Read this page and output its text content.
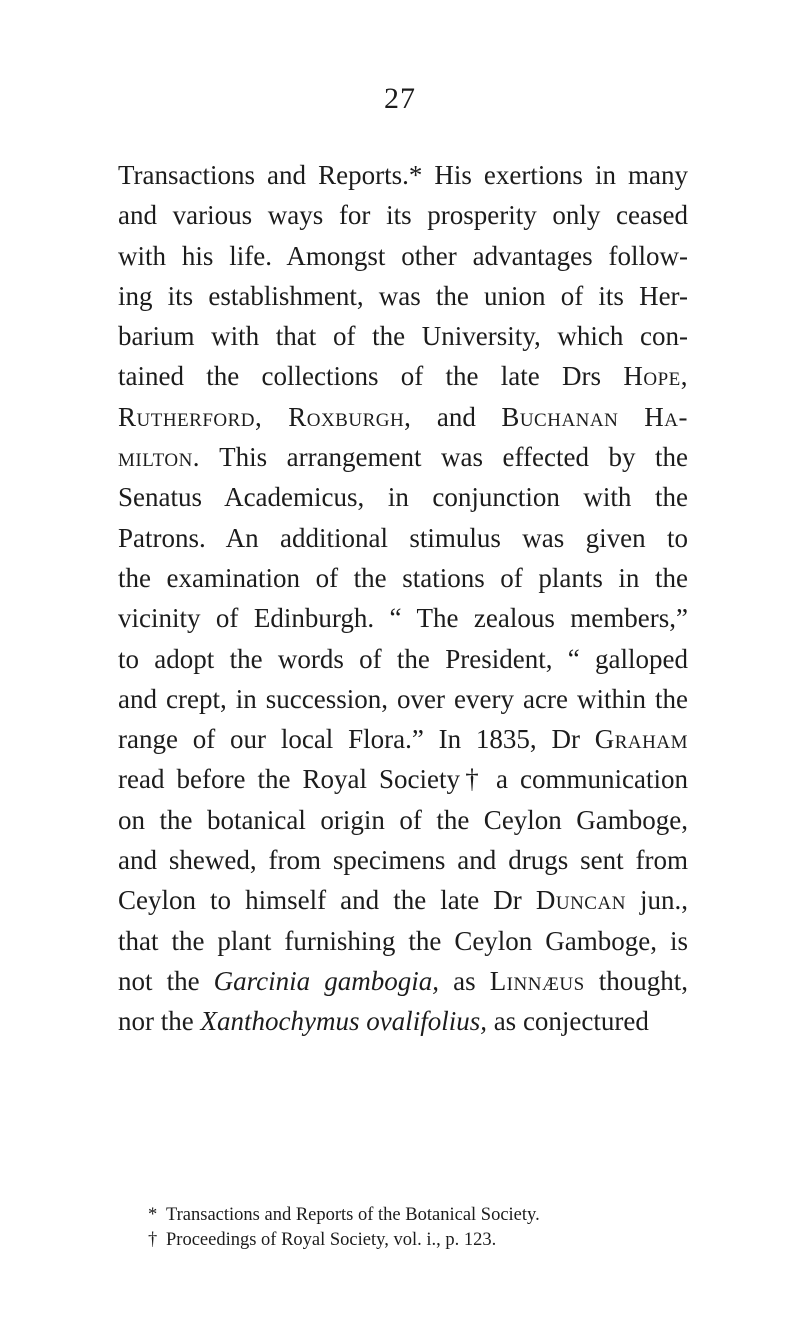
27
Transactions and Reports.* His exertions in many
and various ways for its prosperity only ceased
with his life. Amongst other advantages follow-
ing its establishment, was the union of its Her-
barium with that of the University, which con-
tained the collections of the late Drs Hope,
Rutherford, Roxburgh, and Buchanan Ha-
milton. This arrangement was effected by the
Senatus Academicus, in conjunction with the
Patrons. An additional stimulus was given to
the examination of the stations of plants in the
vicinity of Edinburgh. “ The zealous members,”
to adopt the words of the President, “ galloped
and crept, in succession, over every acre within the
range of our local Flora.” In 1835, Dr Graham
read before the Royal Society† a communication
on the botanical origin of the Ceylon Gamboge,
and shewed, from specimens and drugs sent from
Ceylon to himself and the late Dr Duncan jun.,
that the plant furnishing the Ceylon Gamboge, is
not the Garcinia gambogia, as Linnæus thought,
nor the Xanthochymus ovalifolius, as conjectured
* Transactions and Reports of the Botanical Society.
† Proceedings of Royal Society, vol. i., p. 123.
